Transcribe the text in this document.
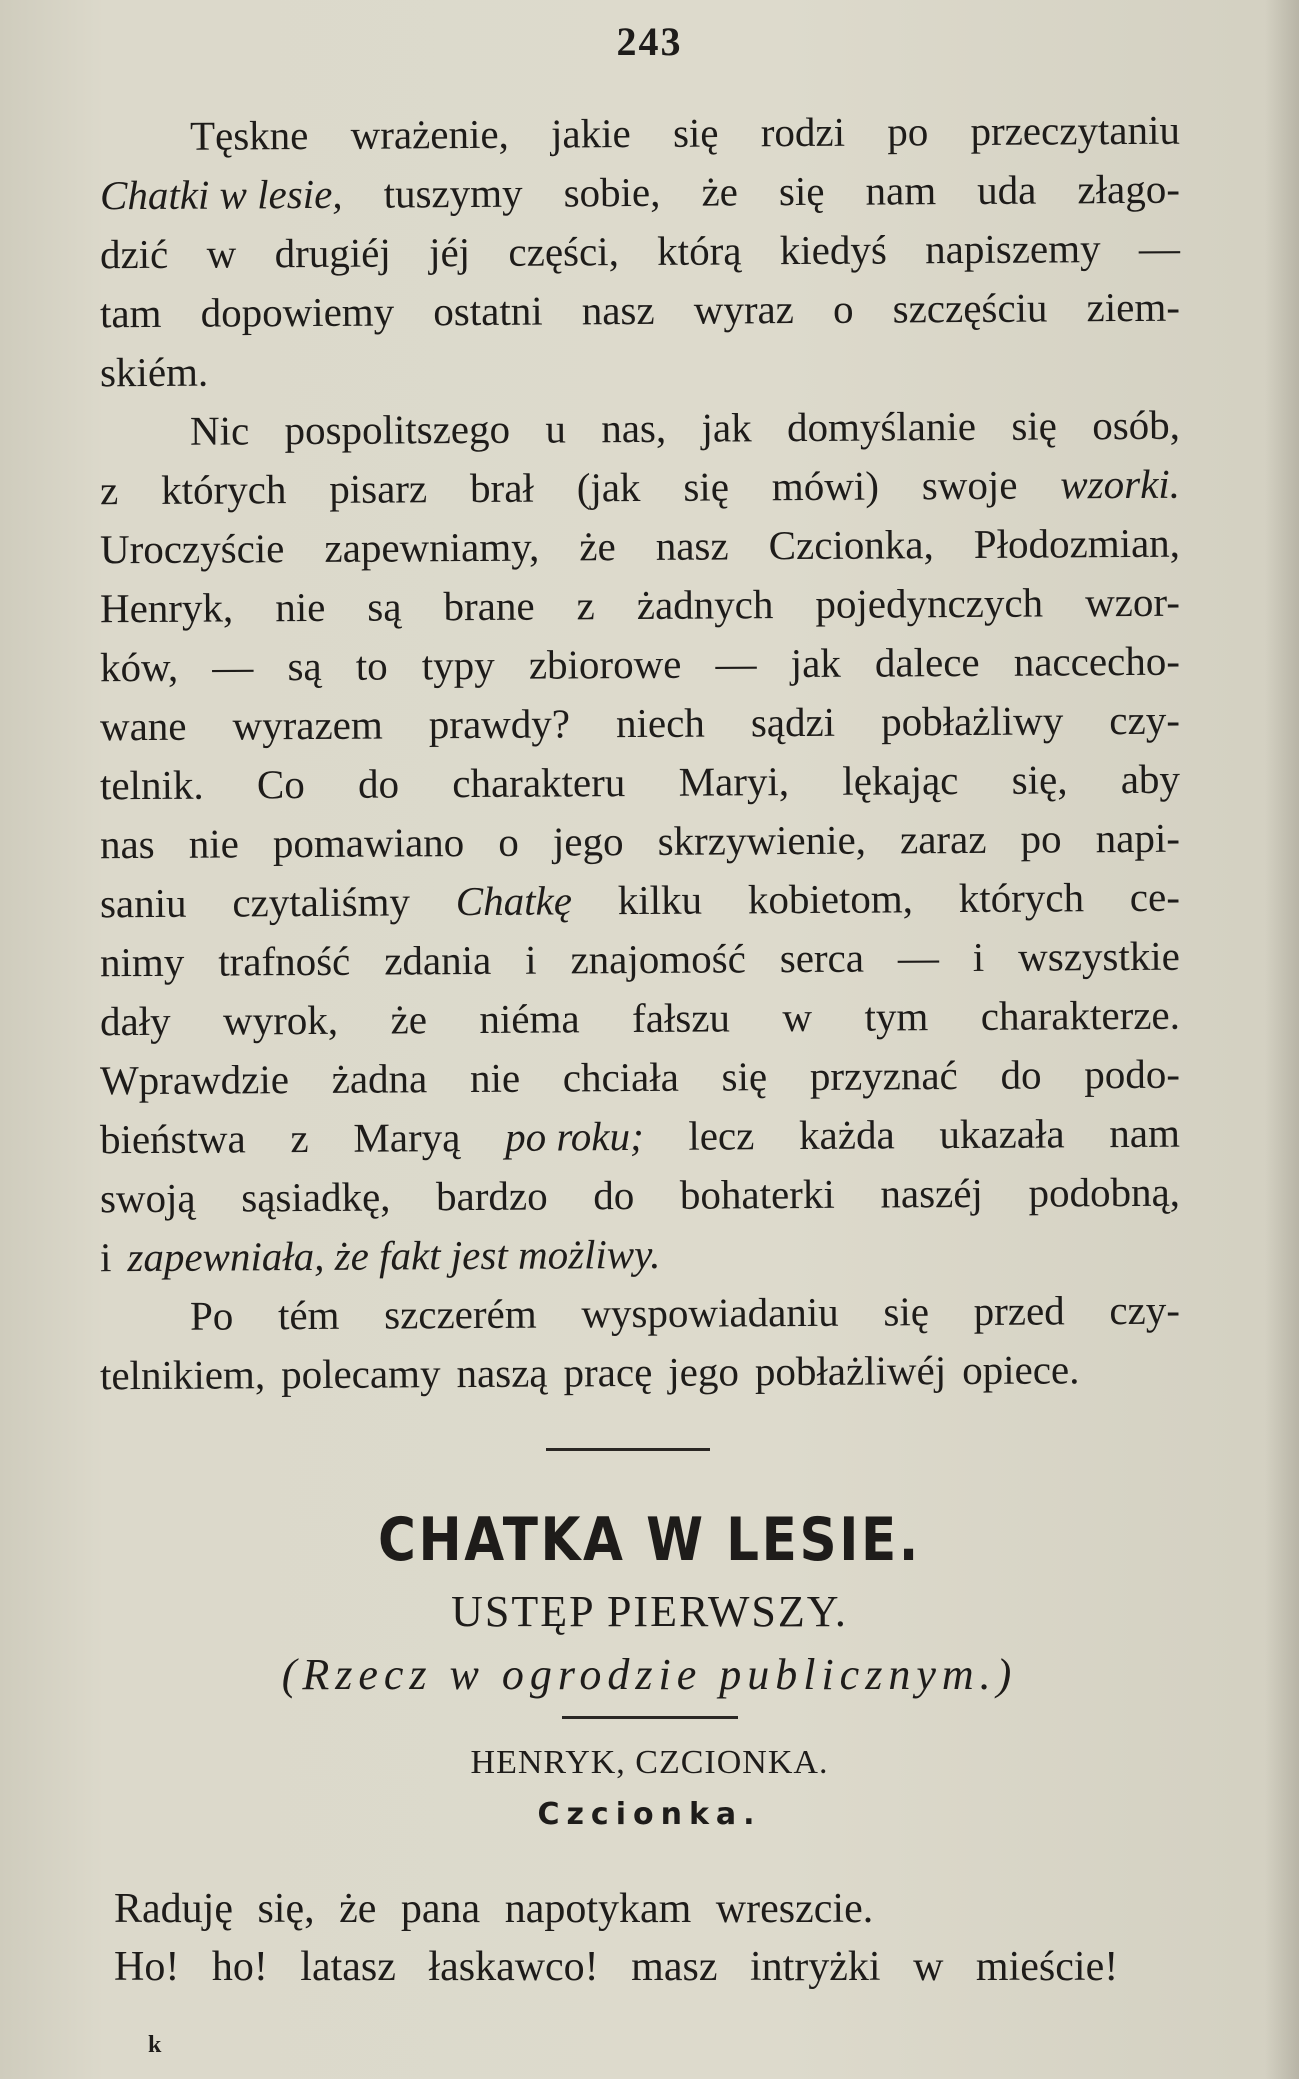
243
Tęskne wrażenie, jakie się rodzi po przeczytaniu
Chatki w lesie, tuszymy sobie, że się nam uda złago-
dzić w drugiéj jéj części, którą kiedyś napiszemy —
tam dopowiemy ostatni nasz wyraz o szczęściu ziem-
skiém.
Nic pospolitszego u nas, jak domyślanie się osób,
z których pisarz brał (jak się mówi) swoje wzorki.
Uroczyście zapewniamy, że nasz Czcionka, Płodozmian,
Henryk, nie są brane z żadnych pojedynczych wzor-
ków, — są to typy zbiorowe — jak dalece naccecho-
wane wyrazem prawdy? niech sądzi pobłażliwy czy-
telnik. Co do charakteru Maryi, lękając się, aby
nas nie pomawiano o jego skrzywienie, zaraz po napi-
saniu czytaliśmy Chatkę kilku kobietom, których ce-
nimy trafność zdania i znajomość serca — i wszystkie
dały wyrok, że niéma fałszu w tym charakterze.
Wprawdzie żadna nie chciała się przyznać do podo-
bieństwa z Maryą po roku; lecz każda ukazała nam
swoją sąsiadkę, bardzo do bohaterki naszéj podobną,
i zapewniała, że fakt jest możliwy.
Po tém szczerém wyspowiadaniu się przed czy-
telnikiem, polecamy naszą pracę jego pobłażliwéj opiece.
CHATKA W LESIE.
USTĘP PIERWSZY.
(Rzecz w ogrodzie publicznym.)
HENRYK, CZCIONKA.
Czcionka.
Raduję się, że pana napotykam wreszcie.
Ho! ho! latasz łaskawco! masz intryżki w mieście!
k
